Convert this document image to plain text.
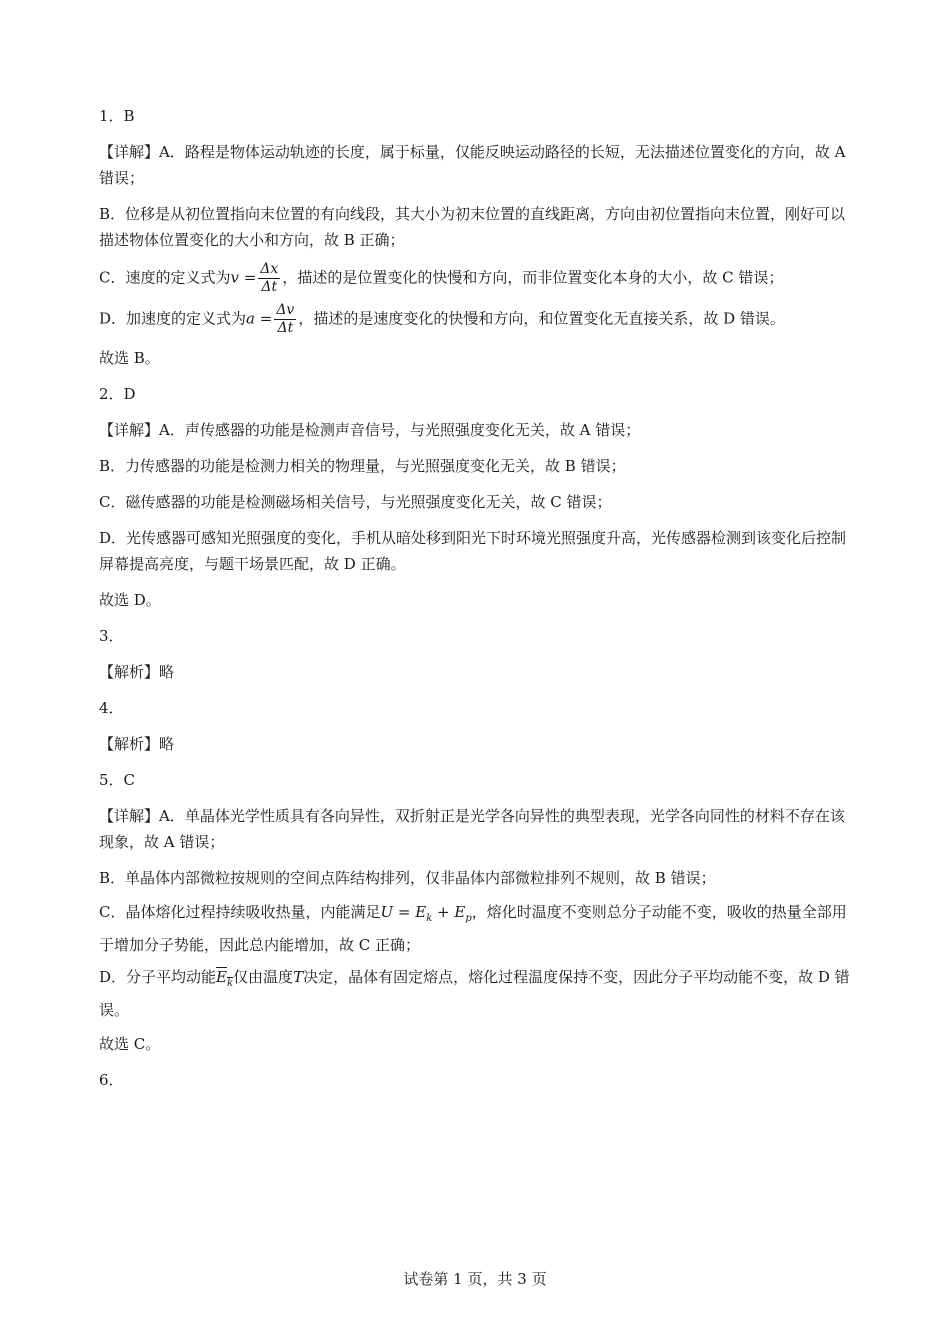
1．B

【详解】A．路程是物体运动轨迹的长度，属于标量，仅能反映运动路径的长短，无法描述位置变化的方向，故 A 错误；

B．位移是从初位置指向末位置的有向线段，其大小为初末位置的直线距离，方向由初位置指向末位置，刚好可以描述物体位置变化的大小和方向，故 B 正确；

C．速度的定义式为$v = \frac{\Delta x}{\Delta t}$ ，描述的是位置变化的快慢和方向，而非位置变化本身的大小，故 C 错误；

D．加速度的定义式为$a = \frac{\Delta v}{\Delta t}$ ，描述的是速度变化的快慢和方向，和位置变化无直接关系，故 D 错误。

故选 B。

2．D

【详解】A．声传感器的功能是检测声音信号，与光照强度变化无关，故 A 错误；

B．力传感器的功能是检测力相关的物理量，与光照强度变化无关，故 B 错误；

C．磁传感器的功能是检测磁场相关信号，与光照强度变化无关，故 C 错误；

D．光传感器可感知光照强度的变化，手机从暗处移到阳光下时环境光照强度升高，光传感器检测到该变化后控制屏幕提高亮度，与题干场景匹配，故 D 正确。

故选 D。

3．

【解析】略

4．

【解析】略

5．C

【详解】A．单晶体光学性质具有各向异性，双折射正是光学各向异性的典型表现，光学各向同性的材料不存在该现象，故 A 错误；

B．单晶体内部微粒按规则的空间点阵结构排列，仅非晶体内部微粒排列不规则，故 B 错误；

C．晶体熔化过程持续吸收热量，内能满足$U = E_k + E_p$，熔化时温度不变则总分子动能不变，吸收的热量全部用于增加分子势能，因此总内能增加，故 C 正确；

D．分子平均动能$E_k$仅由温度T决定，晶体有固定熔点，熔化过程温度保持不变，因此分子平均动能不变，故 D 错误。

故选 C。

6．

试卷第 1 页，共 3 页
